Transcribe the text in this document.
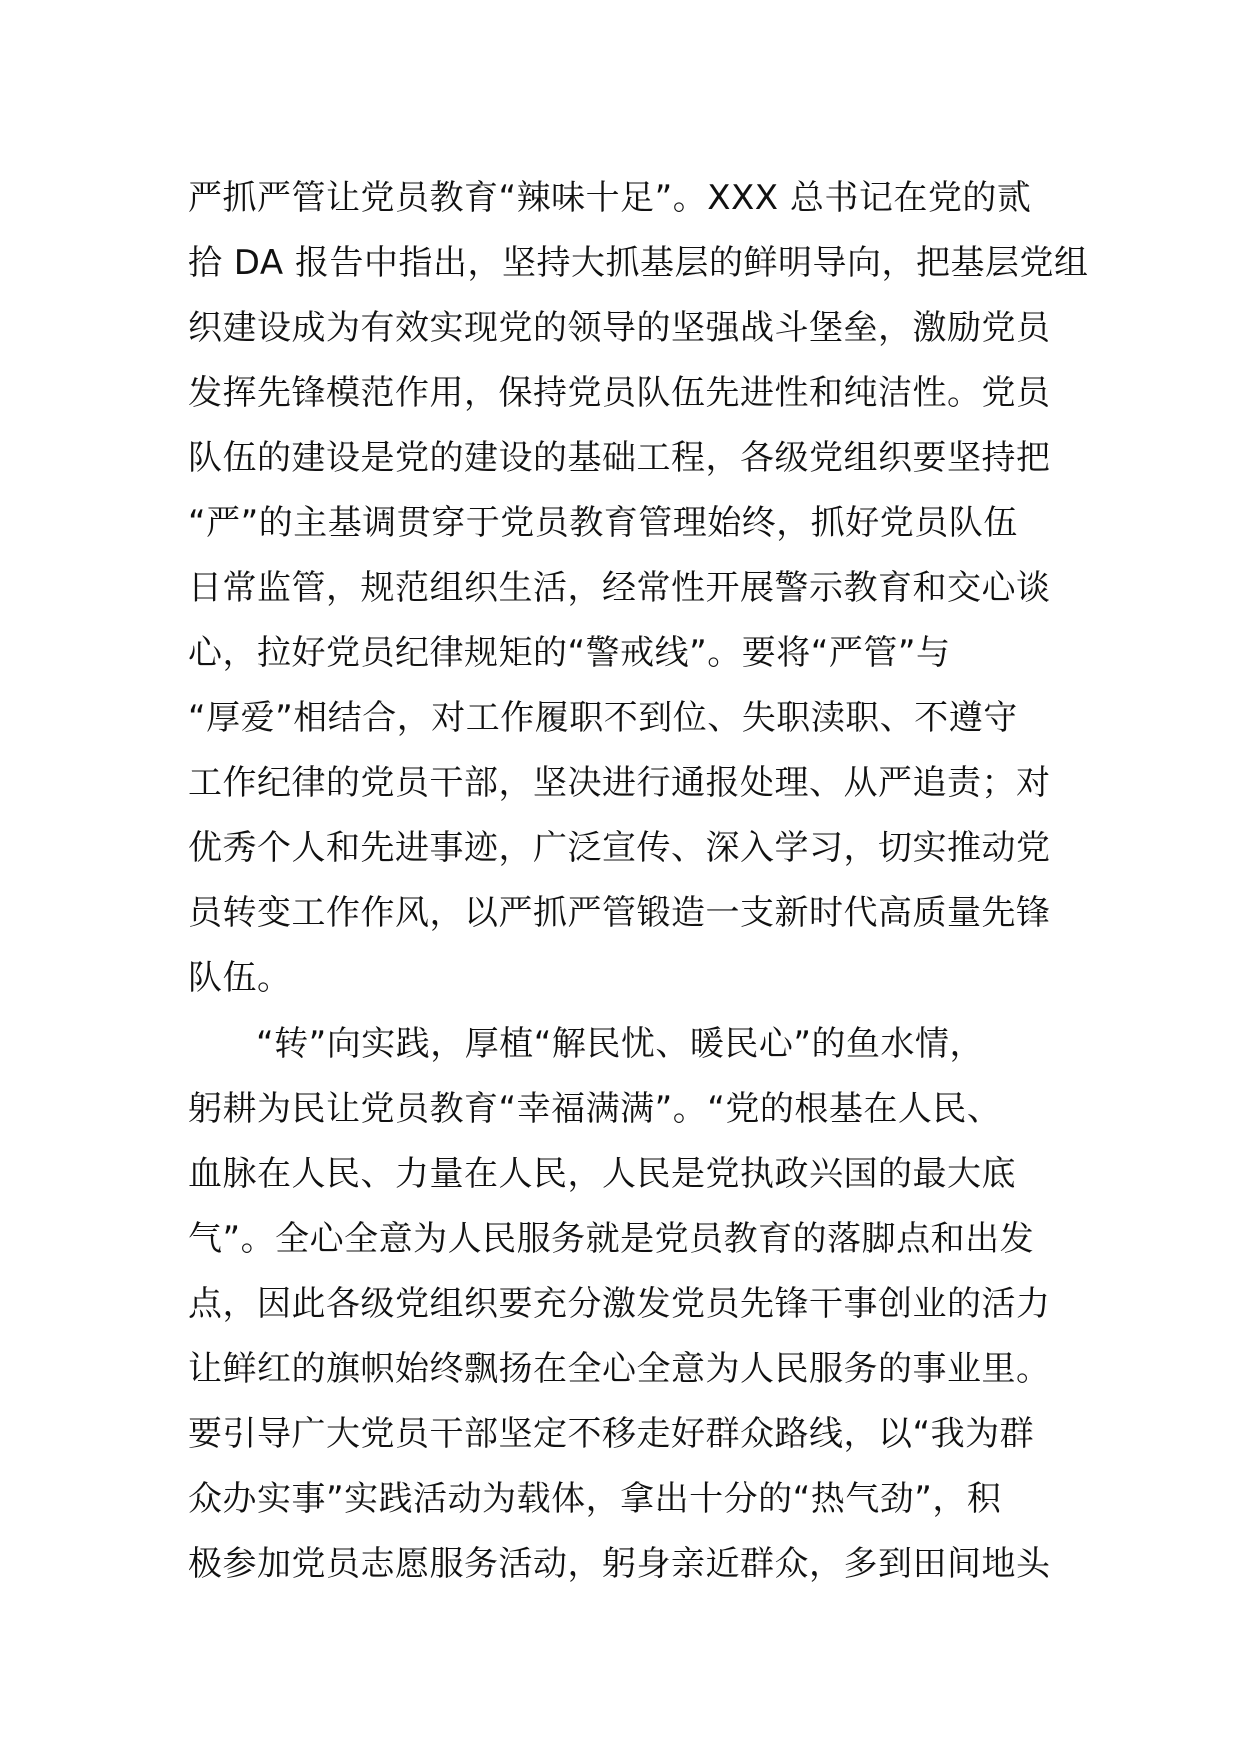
严抓严管让党员教育“辣味十足”。XXX 总书记在党的贰
拾 DA 报告中指出，坚持大抓基层的鲜明导向，把基层党组
织建设成为有效实现党的领导的坚强战斗堡垒，激励党员
发挥先锋模范作用，保持党员队伍先进性和纯洁性。党员
队伍的建设是党的建设的基础工程，各级党组织要坚持把
“严”的主基调贯穿于党员教育管理始终，抓好党员队伍
日常监管，规范组织生活，经常性开展警示教育和交心谈
心，拉好党员纪律规矩的“警戒线”。要将“严管”与
“厚爱”相结合，对工作履职不到位、失职渎职、不遵守
工作纪律的党员干部，坚决进行通报处理、从严追责；对
优秀个人和先进事迹，广泛宣传、深入学习，切实推动党
员转变工作作风，以严抓严管锻造一支新时代高质量先锋
队伍。
“转”向实践，厚植“解民忧、暖民心”的鱼水情，
躬耕为民让党员教育“幸福满满”。“党的根基在人民、
血脉在人民、力量在人民，人民是党执政兴国的最大底
气”。全心全意为人民服务就是党员教育的落脚点和出发
点，因此各级党组织要充分激发党员先锋干事创业的活力
让鲜红的旗帜始终飘扬在全心全意为人民服务的事业里。
要引导广大党员干部坚定不移走好群众路线，以“我为群
众办实事”实践活动为载体，拿出十分的“热气劲”，积
极参加党员志愿服务活动，躬身亲近群众，多到田间地头
